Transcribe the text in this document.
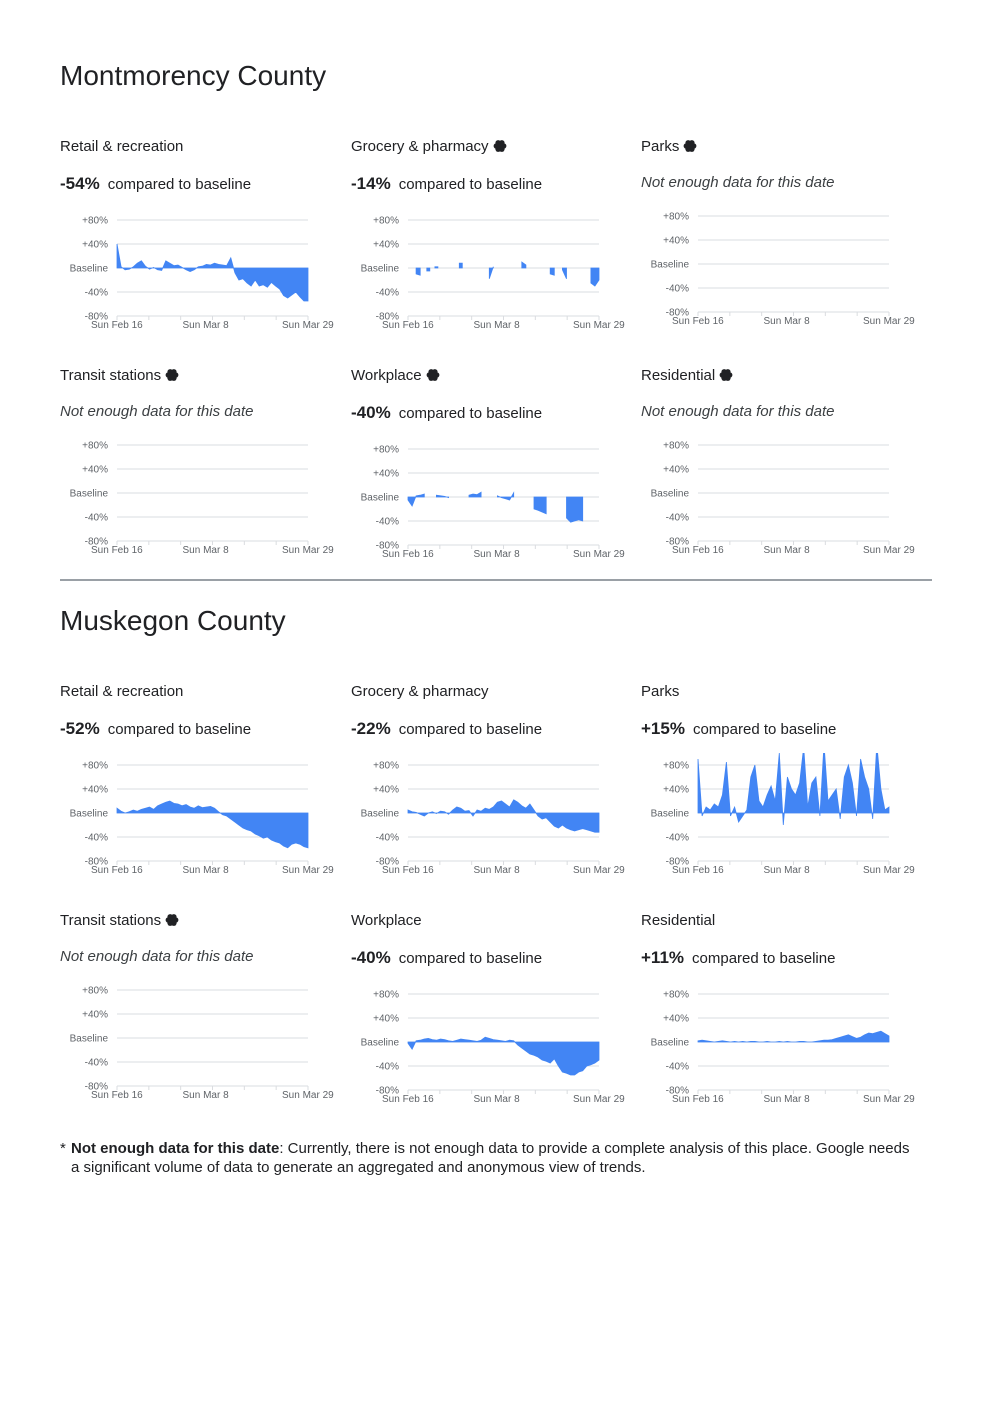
Montmorency County
Muskegon County
Retail & recreation
-54% compared to baseline
+80%
+40%
Baseline
-40%
-80%
Sun Feb 16	Sun Mar 8	Sun Mar 29
Grocery & pharmacy
-14% compared to baseline
+80%
+40%
Baseline
-40%
-80%
Sun Feb 16	Sun Mar 8	Sun Mar 29
Parks
Not enough data for this date
+80%
+40%
Baseline
-40%
-80%
Sun Feb 16	Sun Mar 8	Sun Mar 29
Transit stations
Not enough data for this date
+80%
+40%
Baseline
-40%
-80%
Sun Feb 16	Sun Mar 8	Sun Mar 29
Workplace
-40% compared to baseline
+80%
+40%
Baseline
-40%
-80%
Sun Feb 16	Sun Mar 8	Sun Mar 29
Residential
Not enough data for this date
+80%
+40%
Baseline
-40%
-80%
Sun Feb 16	Sun Mar 8	Sun Mar 29
Retail & recreation
-52% compared to baseline
+80%
+40%
Baseline
-40%
-80%
Sun Feb 16	Sun Mar 8	Sun Mar 29
Grocery & pharmacy
-22% compared to baseline
+80%
+40%
Baseline
-40%
-80%
Sun Feb 16	Sun Mar 8	Sun Mar 29
Parks
+15% compared to baseline
+80%
+40%
Baseline
-40%
-80%
Sun Feb 16	Sun Mar 8	Sun Mar 29
Transit stations
Not enough data for this date
+80%
+40%
Baseline
-40%
-80%
Sun Feb 16	Sun Mar 8	Sun Mar 29
Workplace
-40% compared to baseline
+80%
+40%
Baseline
-40%
-80%
Sun Feb 16	Sun Mar 8	Sun Mar 29
Residential
+11% compared to baseline
+80%
+40%
Baseline
-40%
-80%
Sun Feb 16	Sun Mar 8	Sun Mar 29
* Not enough data for this date: Currently, there is not enough data to provide a complete analysis of this place. Google needs a significant volume of data to generate an aggregated and anonymous view of trends.
